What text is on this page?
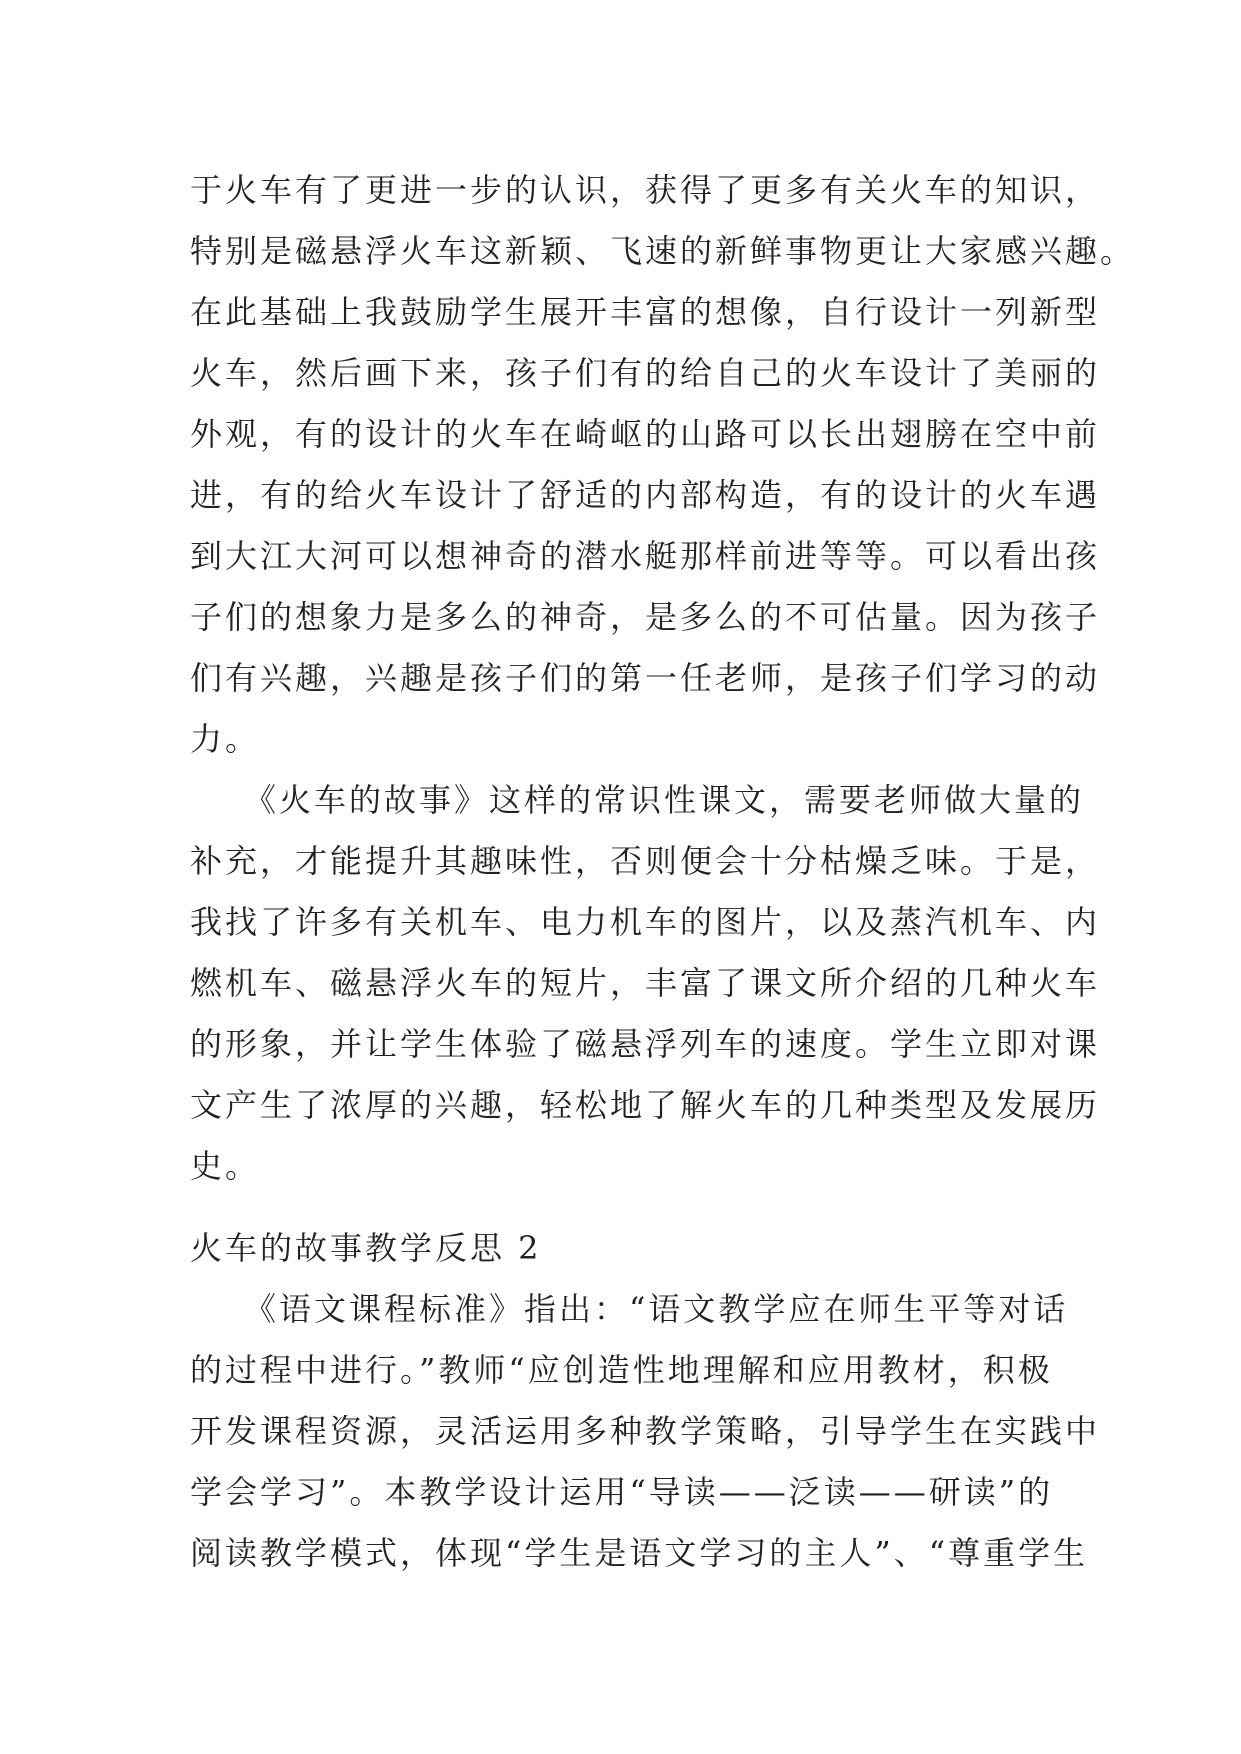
于火车有了更进一步的认识，获得了更多有关火车的知识，
特别是磁悬浮火车这新颖、飞速的新鲜事物更让大家感兴趣。
在此基础上我鼓励学生展开丰富的想像，自行设计一列新型
火车，然后画下来，孩子们有的给自己的火车设计了美丽的
外观，有的设计的火车在崎岖的山路可以长出翅膀在空中前
进，有的给火车设计了舒适的内部构造，有的设计的火车遇
到大江大河可以想神奇的潜水艇那样前进等等。可以看出孩
子们的想象力是多么的神奇，是多么的不可估量。因为孩子
们有兴趣，兴趣是孩子们的第一任老师，是孩子们学习的动
力。
　　《火车的故事》这样的常识性课文，需要老师做大量的
补充，才能提升其趣味性，否则便会十分枯燥乏味。于是，
我找了许多有关机车、电力机车的图片，以及蒸汽机车、内
燃机车、磁悬浮火车的短片，丰富了课文所介绍的几种火车
的形象，并让学生体验了磁悬浮列车的速度。学生立即对课
文产生了浓厚的兴趣，轻松地了解火车的几种类型及发展历
史。
火车的故事教学反思 2
　　《语文课程标准》指出：“语文教学应在师生平等对话
的过程中进行。”教师“应创造性地理解和应用教材，积极
开发课程资源，灵活运用多种教学策略，引导学生在实践中
学会学习”。本教学设计运用“导读——泛读——研读”的
阅读教学模式，体现“学生是语文学习的主人”、“尊重学生
